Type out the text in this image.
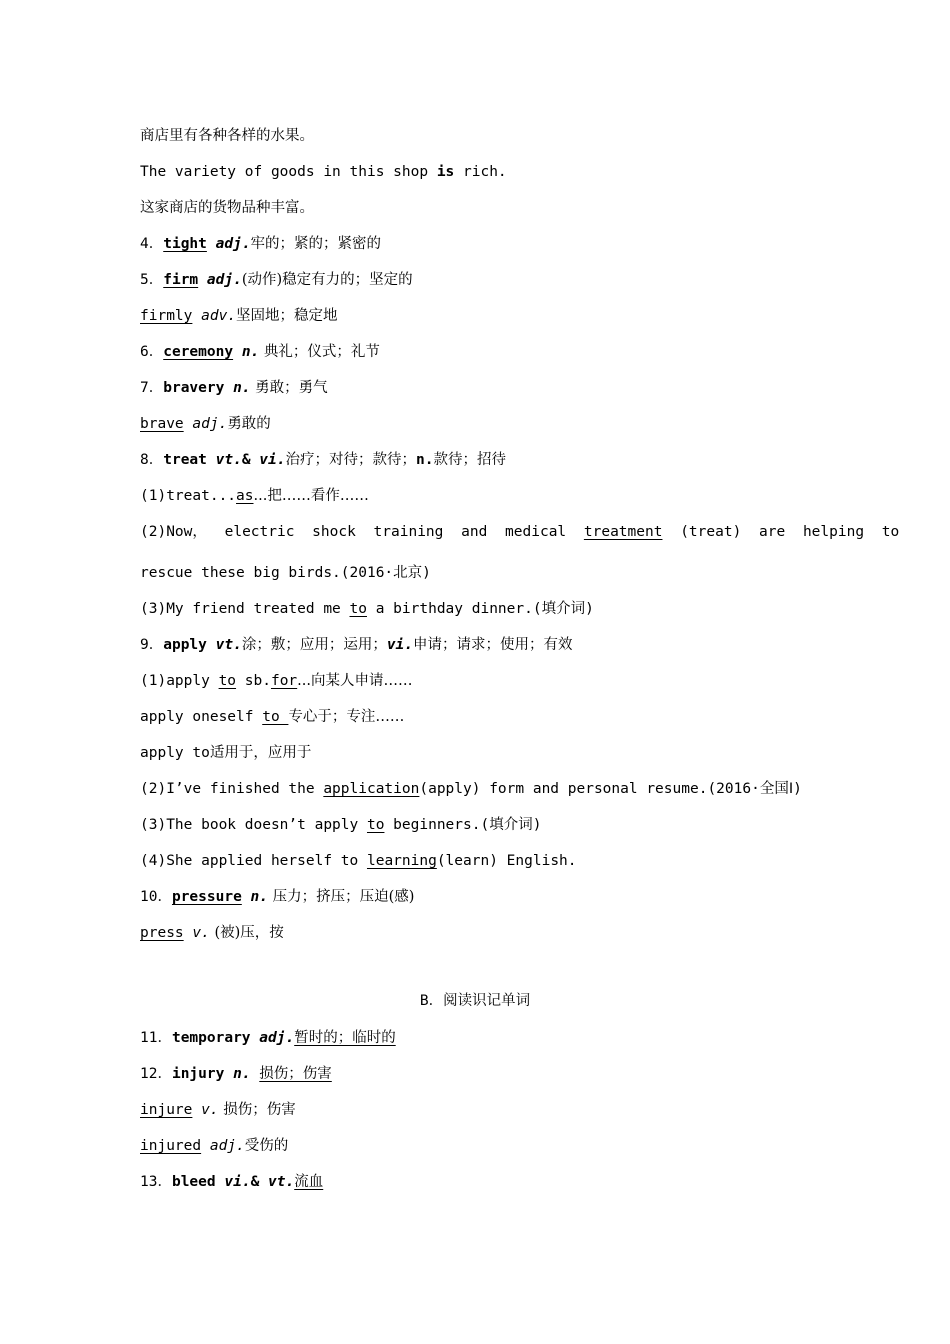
商店里有各种各样的水果。
The variety of goods in this shop is rich.
这家商店的货物品种丰富。
4．tight adj.牢的；紧的；紧密的
5．firm adj.(动作)稳定有力的；坚定的
firmly adv.坚固地；稳定地
6．ceremony n. 典礼；仪式；礼节
7．bravery n. 勇敢；勇气
brave adj.勇敢的
8．treat vt.& vi.治疗；对待；款待；n.款待；招待
(1)treat...as...把……看作……
(2)Now， electric shock training and medical treatment (treat) are helping to
rescue these big birds.(2016·北京)
(3)My friend treated me to a birthday dinner.(填介词)
9．apply vt.涂；敷；应用；运用；vi.申请；请求；使用；有效
(1)apply to sb.for...向某人申请……
apply oneself to 专心于；专注……
apply to适用于，应用于
(2)I’ve finished the application(apply) form and personal resume.(2016·全国Ⅰ)
(3)The book doesn’t apply to beginners.(填介词)
(4)She applied herself to learning(learn) English.
10．pressure n. 压力；挤压；压迫(感)
press v. (被)压，按
B．阅读识记单词
11．temporary adj.暂时的；临时的
12．injury n. 损伤；伤害
injure v. 损伤；伤害
injured adj.受伤的
13．bleed vi.& vt.流血
